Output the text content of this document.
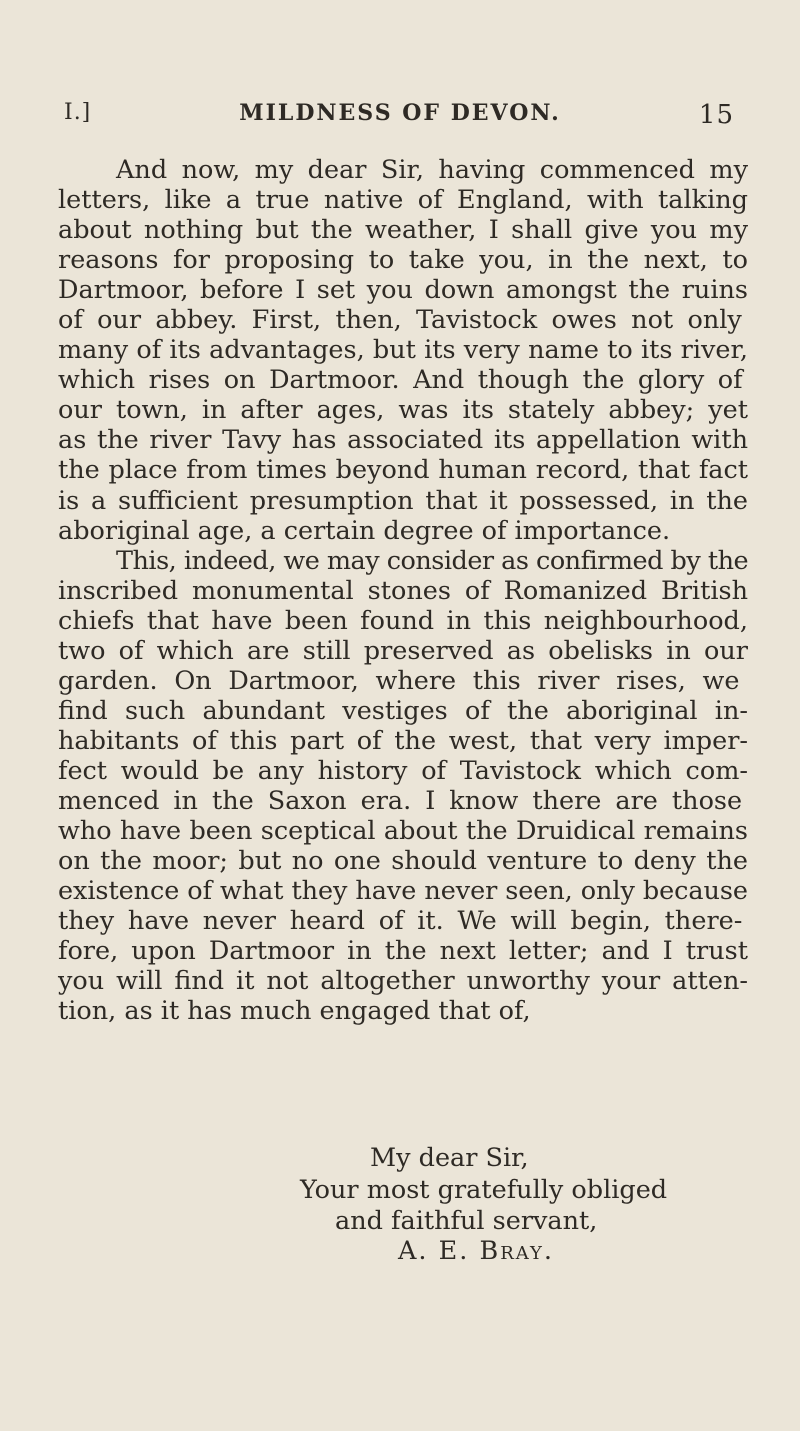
I.]	MILDNESS OF DEVON.	15
And now, my dear Sir, having commenced my
letters, like a true native of England, with talking
about nothing but the weather, I shall give you my
reasons for proposing to take you, in the next, to
Dartmoor, before I set you down amongst the ruins
of our abbey. First, then, Tavistock owes not only
many of its advantages, but its very name to its river,
which rises on Dartmoor. And though the glory of
our town, in after ages, was its stately abbey; yet
as the river Tavy has associated its appellation with
the place from times beyond human record, that fact
is a sufficient presumption that it possessed, in the
aboriginal age, a certain degree of importance.
This, indeed, we may consider as confirmed by the
inscribed monumental stones of Romanized British
chiefs that have been found in this neighbourhood,
two of which are still preserved as obelisks in our
garden. On Dartmoor, where this river rises, we
find such abundant vestiges of the aboriginal in-
habitants of this part of the west, that very imper-
fect would be any history of Tavistock which com-
menced in the Saxon era. I know there are those
who have been sceptical about the Druidical remains
on the moor; but no one should venture to deny the
existence of what they have never seen, only because
they have never heard of it. We will begin, there-
fore, upon Dartmoor in the next letter; and I trust
you will find it not altogether unworthy your atten-
tion, as it has much engaged that of,
My dear Sir,
Your most gratefully obliged
and faithful servant,
A. E. Bray.
